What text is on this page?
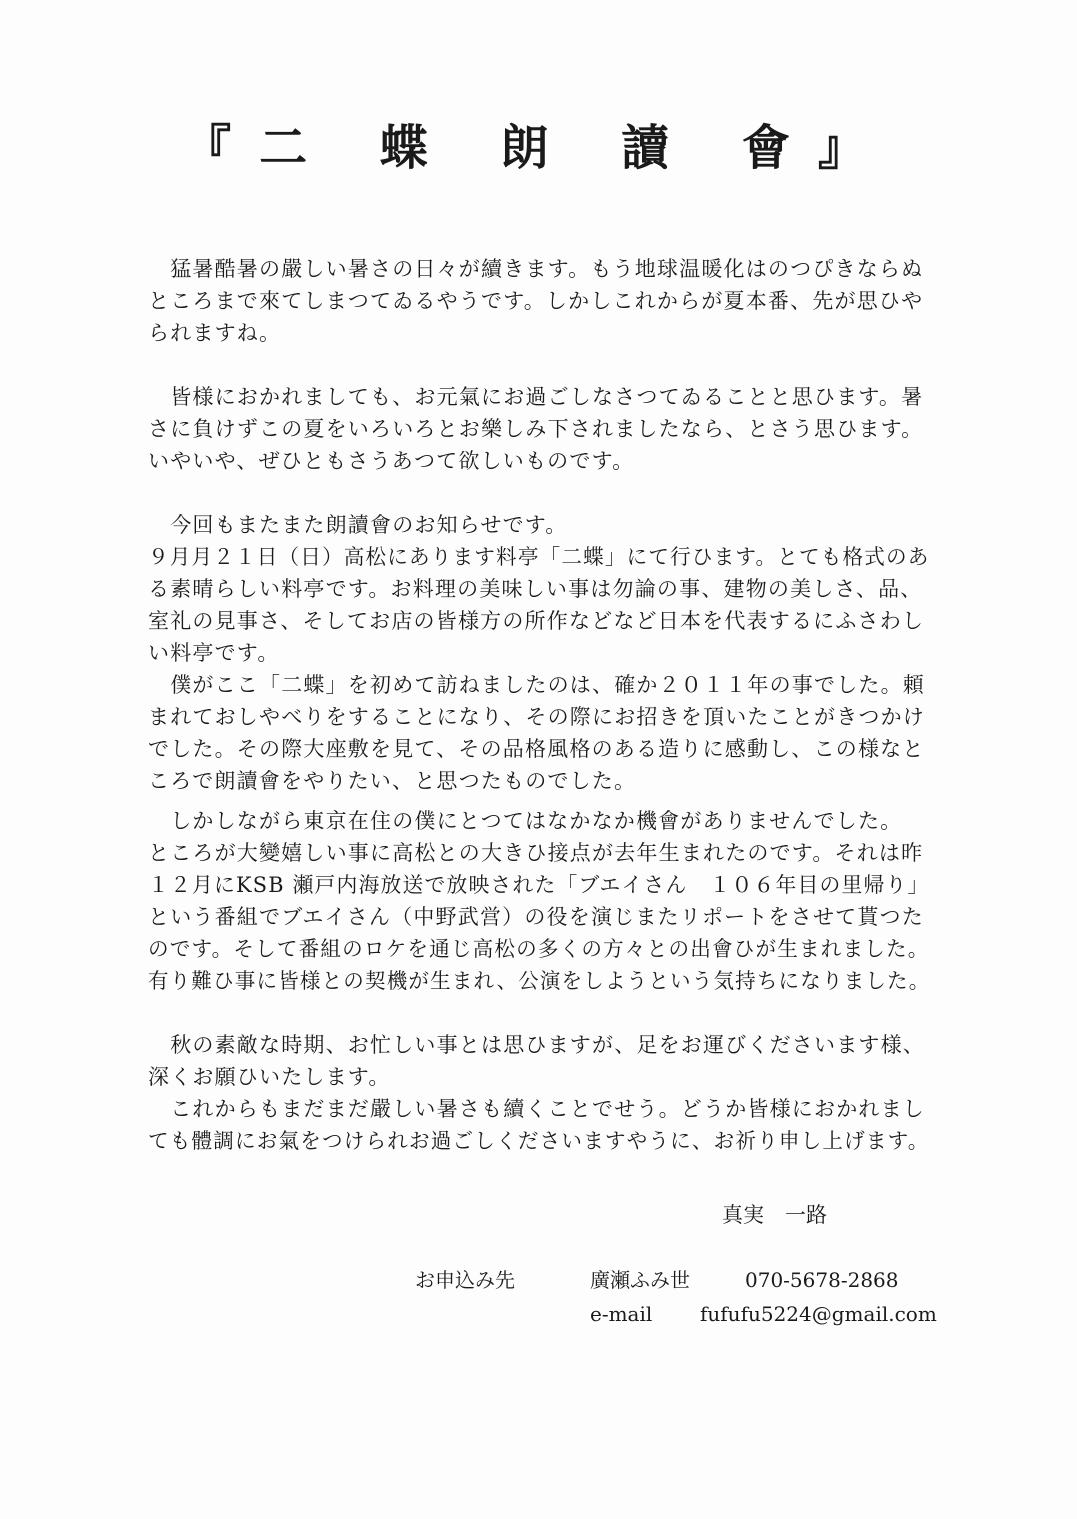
『二 蝶 朗 讀 會』
　猛暑酷暑の嚴しい暑さの日々が續きます。もう地球温暖化はのつぴきならぬ
ところまで來てしまつてゐるやうです。しかしこれからが夏本番、先が思ひや
られますね。
　皆様におかれましても、お元氣にお過ごしなさつてゐることと思ひます。暑
さに負けずこの夏をいろいろとお樂しみ下されましたなら、とさう思ひます。
いやいや、ぜひともさうあつて欲しいものです。
　今回もまたまた朗讀會のお知らせです。
９月月２１日（日）高松にあります料亭「二蝶」にて行ひます。とても格式のあ
る素晴らしい料亭です。お料理の美味しい事は勿論の事、建物の美しさ、品、
室礼の見事さ、そしてお店の皆様方の所作などなど日本を代表するにふさわし
い料亭です。
　僕がここ「二蝶」を初めて訪ねましたのは、確か２０１１年の事でした。頼
まれておしやべりをすることになり、その際にお招きを頂いたことがきつかけ
でした。その際大座敷を見て、その品格風格のある造りに感動し、この様なと
ころで朗讀會をやりたい、と思つたものでした。
　しかしながら東京在住の僕にとつてはなかなか機會がありませんでした。
ところが大變嬉しい事に高松との大きひ接点が去年生まれたのです。それは昨
１２月にKSB 瀬戸内海放送で放映された「ブエイさん　１０６年目の里帰り」
という番組でブエイさん（中野武営）の役を演じまたリポートをさせて貰つた
のです。そして番組のロケを通じ高松の多くの方々との出會ひが生まれました。
有り難ひ事に皆様との契機が生まれ、公演をしようという気持ちになりました。
　秋の素敵な時期、お忙しい事とは思ひますが、足をお運びくださいます様、
深くお願ひいたします。
　これからもまだまだ嚴しい暑さも續くことでせう。どうか皆様におかれまし
ても體調にお氣をつけられお過ごしくださいますやうに、お祈り申し上げます。
真実　一路
お申込み先	廣瀬ふみ世	070-5678-2868
e-mail fufufu5224@gmail.com
